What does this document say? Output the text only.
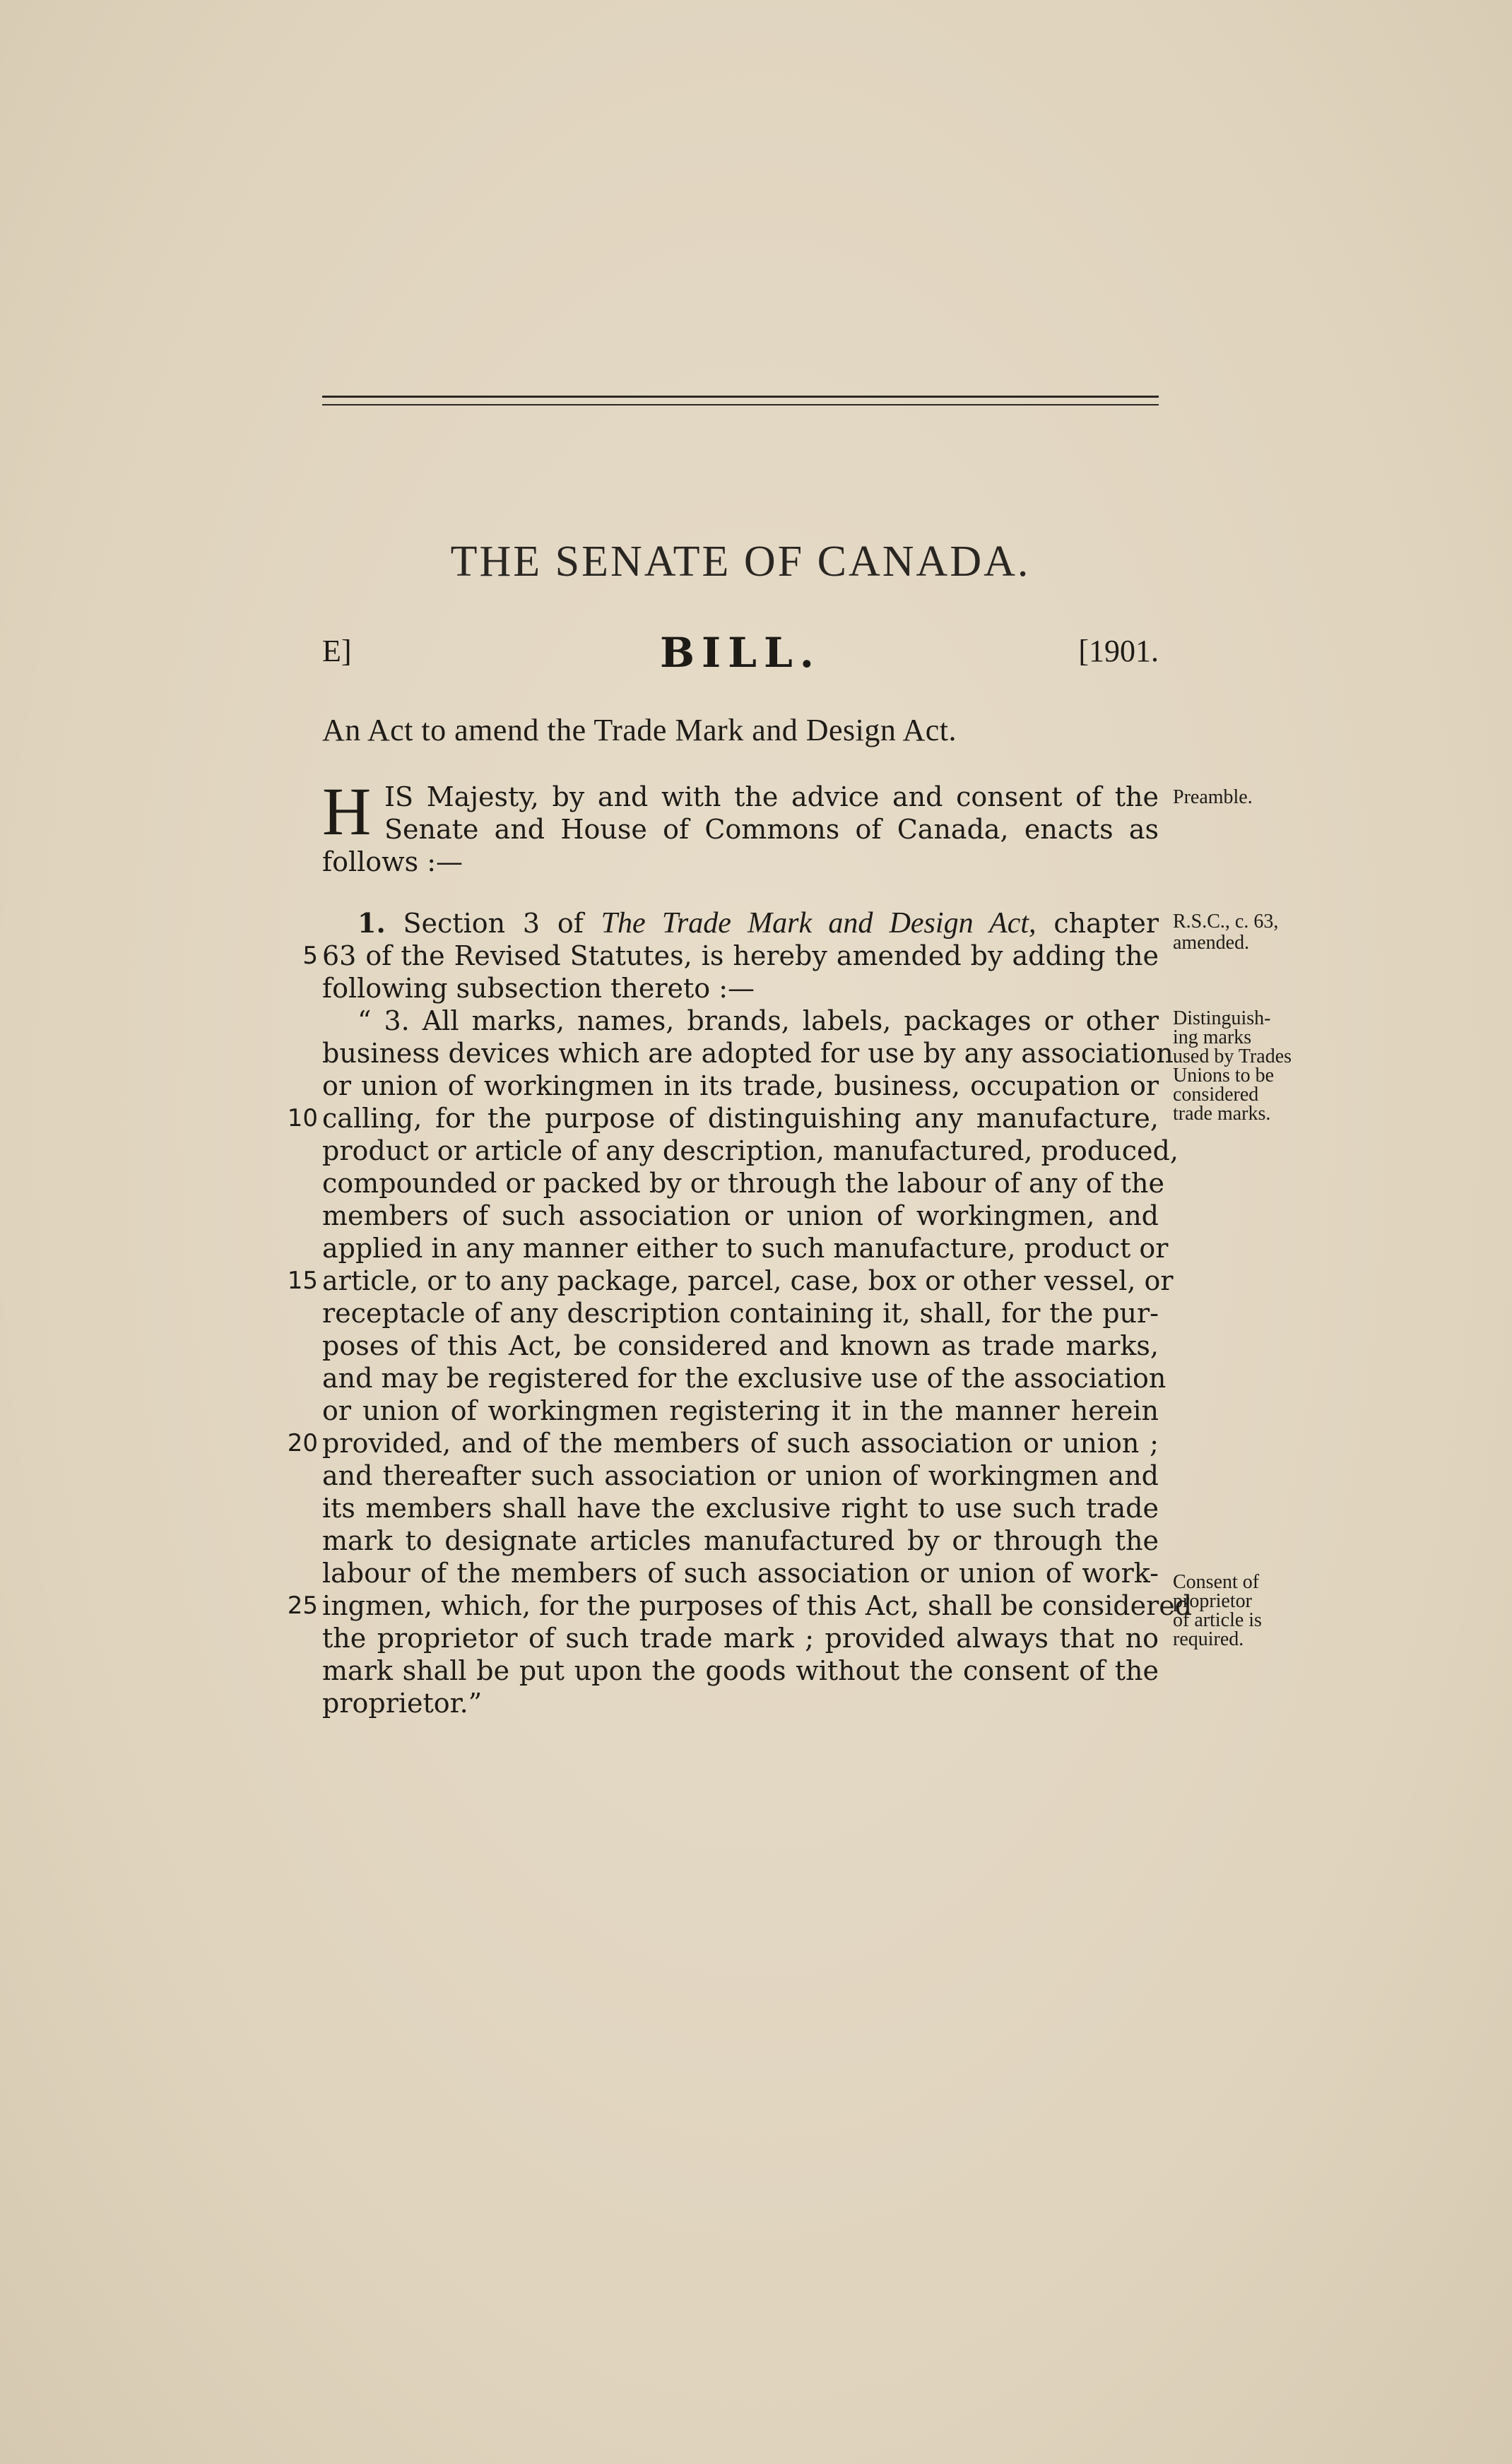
THE SENATE OF CANADA.
E]	BILL.	[1901.
An Act to amend the Trade Mark and Design Act.
H IS Majesty, by and with the advice and consent of the
Senate and House of Commons of Canada, enacts as
follows :—
Preamble.
1. Section 3 of The Trade Mark and Design Act, chapter
63 of the Revised Statutes, is hereby amended by adding the
following subsection thereto :—
“ 3. All marks, names, brands, labels, packages or other
business devices which are adopted for use by any association
or union of workingmen in its trade, business, occupation or
calling, for the purpose of distinguishing any manufacture,
product or article of any description, manufactured, produced,
compounded or packed by or through the labour of any of the
members of such association or union of workingmen, and
applied in any manner either to such manufacture, product or
article, or to any package, parcel, case, box or other vessel, or
receptacle of any description containing it, shall, for the pur-
poses of this Act, be considered and known as trade marks,
and may be registered for the exclusive use of the association
or union of workingmen registering it in the manner herein
provided, and of the members of such association or union ;
and thereafter such association or union of workingmen and
its members shall have the exclusive right to use such trade
mark to designate articles manufactured by or through the
labour of the members of such association or union of work-
ingmen, which, for the purposes of this Act, shall be considered
the proprietor of such trade mark ; provided always that no
mark shall be put upon the goods without the consent of the
proprietor.”
5
10
15
20
25
R.S.C., c. 63,
amended.
Distinguish-
ing marks
used by Trades
Unions to be
considered
trade marks.
Consent of
proprietor
of article is
required.
